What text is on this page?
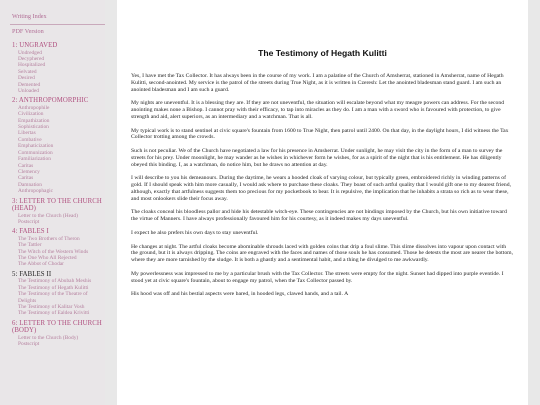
Writing Index
PDF Version
1: UNGRAVED
Undredged
Decyphered
Hospitalized
Selvated
Desired
Demented
Unloaded
2: ANTHROPOMORPHIC
Anthropophile
Civilization
Empathization
Sophistication
Libertas
Combative
Emphaticization
Communization
Familiarization
Caritas
Clemency
Caritas
Damnation
Anthropophagic
3: LETTER TO THE CHURCH (HEAD)
Letter to the Church (Head)
Postscript
4: FABLES I
The Two Brothers of Theron
The Tattler
The Witch of the Western Winds
The One Who All Rejected
The Abbot of Chodar
5: FABLES II
The Testimony of Abubah Meshis
The Testimony of Hegath Kulitti
The Testimony of the Theatre of Delights
The Testimony of Kalitar Vosh
The Testimony of Ealdea Krivitti
6: LETTER TO THE CHURCH (BODY)
Letter to the Church (Body)
Postscript
The Testimony of Hegath Kulitti

Yes, I have met the Tax Collector. It has always been in the course of my work. I am a palatine of the Church of Amsherrat, stationed in Amsherrat, name of Hegath Kulitti, second-anointed. My service is the patrol of the streets during True Night, as it is written in Czeresh: Let the anointed bladesman stand guard. I am such an anointed bladesman and I am such a guard.

My nights are uneventful. It is a blessing they are. If they are not uneventful, the situation will escalate beyond what my meagre powers can address. For the second anointing makes none a Bishop. I cannot pray with their efficacy, to tap into miracles as they do. I am a man with a sword who is favoured with protection, to give strength and aid, alert superiors, as an intermediary and a watchman. That is all.

My typical work is to stand sentinel at civic square's fountain from 1600 to True Night, then patrol until 2400. On that day, in the daylight hours, I did witness the Tax Collector trotting among the crowds.

Such is not peculiar. We of the Church have negotiated a law for his presence in Amsherrat. Under sunlight, he may visit the city in the form of a man to survey the streets for his prey. Under moonlight, he may wander as he wishes in whichever form he wishes, for as a spirit of the night that is his entitlement. He has diligently obeyed this binding. I, as a watchman, do notice him, but he draws no attention at day.

I will describe to you his demeanours. During the daytime, he wears a hooded cloak of varying colour, but typically green, embroidered richly in winding patterns of gold. If I should speak with him more casually, I would ask where to purchase these cloaks. They boast of such artful quality that I would gift one to my dearest friend, although, exactly that artfulness suggests them too precious for my pocketbook to bear. It is repulsive, the implication that he inhabits a strata so rich as to wear these, and most onlookers slide their focus away.

The cloaks conceal his bloodless pallor and hide his detestable witch-eye. These contingencies are not bindings imposed by the Church, but his own initiative toward the virtue of Manners. I have always professionally favoured him for his courtesy, as it indeed makes my days uneventful.

I expect he also prefers his own days to stay uneventful.

He changes at night. The artful cloaks become abominable shrouds laced with golden coins that drip a foul slime. This slime dissolves into vapour upon contact with the ground, but it is always dripping. The coins are engraved with the faces and names of those souls he has consumed. Those he detests the most are nearer the bottom, where they are more tarnished by the sludge. It is both a ghastly and a sentimental habit, and a thing he divulged to me awkwardly.

My powerlessness was impressed to me by a particular brush with the Tax Collector. The streets were empty for the night. Sunset had dipped into purple eventide. I stood yet at civic square's fountain, about to engage my patrol, when the Tax Collector passed by.

His hood was off and his bestial aspects were bared, in hooded legs, clawed hands, and a tail. A
